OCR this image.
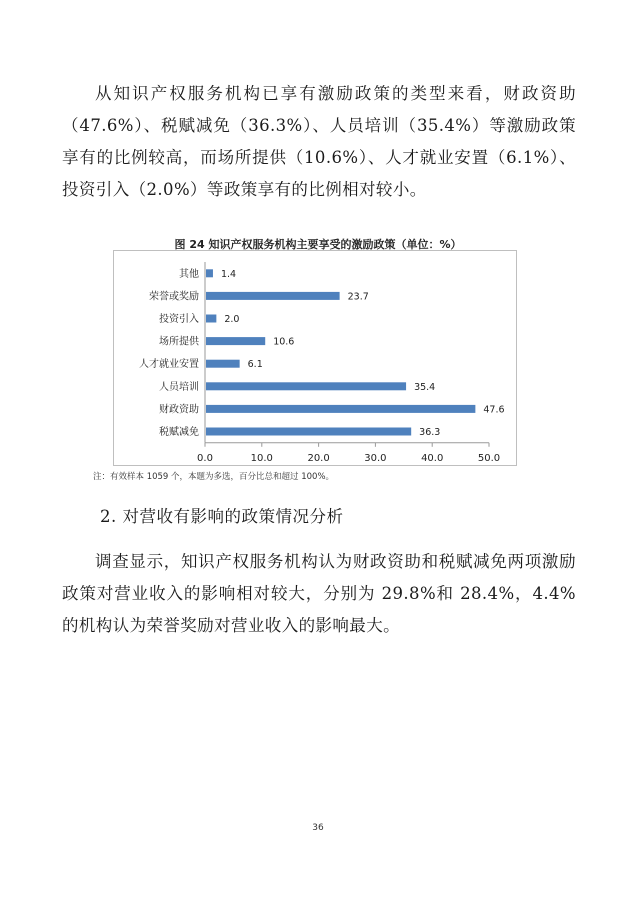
从知识产权服务机构已享有激励政策的类型来看，财政资助（47.6%）、税赋减免（36.3%）、人员培训（35.4%）等激励政策享有的比例较高，而场所提供（10.6%）、人才就业安置（6.1%）、投资引入（2.0%）等政策享有的比例相对较小。

图 24 知识产权服务机构主要享受的激励政策（单位：%）
0.0	10.0	20.0	30.0	40.0	50.0
其他 1.4
荣誉或奖励	23.7
投资引入	2.0
场所提供	10.6
人才就业安置	6.1
人员培训	35.4
财政资助	47.6
税赋减免	36.3
注：有效样本 1059 个，本题为多选，百分比总和超过 100%。
2. 对营收有影响的政策情况分析

调查显示，知识产权服务机构认为财政资助和税赋减免两项激励政策对营业收入的影响相对较大，分别为 29.8%和 28.4%，4.4%的机构认为荣誉奖励对营业收入的影响最大。

36
